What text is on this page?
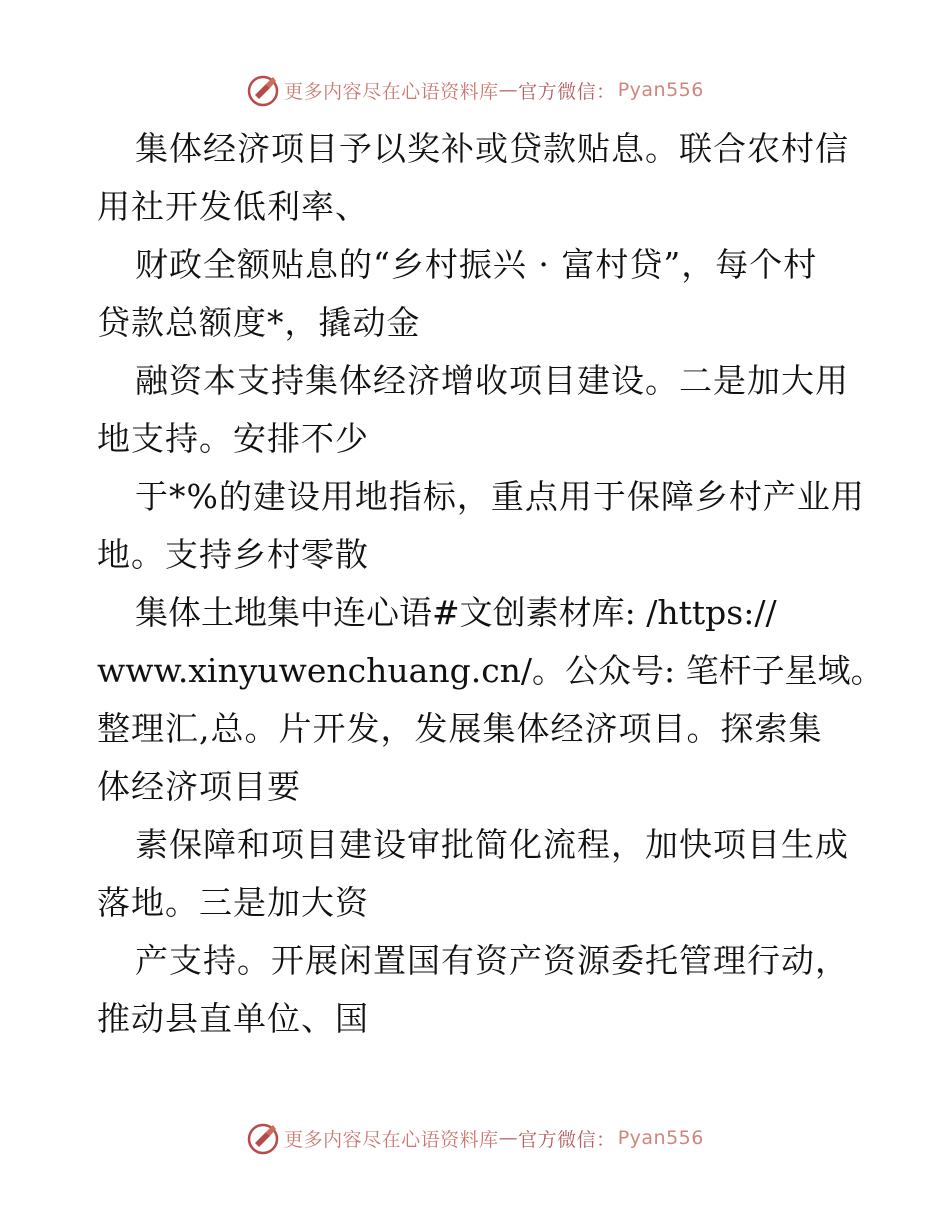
更多内容尽在心语资料库 — 官方微信： Pyan556
集体经济项目予以奖补或贷款贴息。联合农村信
用社开发低利率、
财政全额贴息的“乡村振兴 · 富村贷”，每个村
贷款总额度*，撬动金
融资本支持集体经济增收项目建设。二是加大用
地支持。安排不少
于*%的建设用地指标，重点用于保障乡村产业用
地。支持乡村零散
集体土地集中连心语#文创素材库: /https://
www.xinyuwenchuang.cn/。公众号: 笔杆子星域。
整理汇,总。片开发，发展集体经济项目。探索集
体经济项目要
素保障和项目建设审批简化流程，加快项目生成
落地。三是加大资
产支持。开展闲置国有资产资源委托管理行动，
推动县直单位、国
更多内容尽在心语资料库 — 官方微信： Pyan556
